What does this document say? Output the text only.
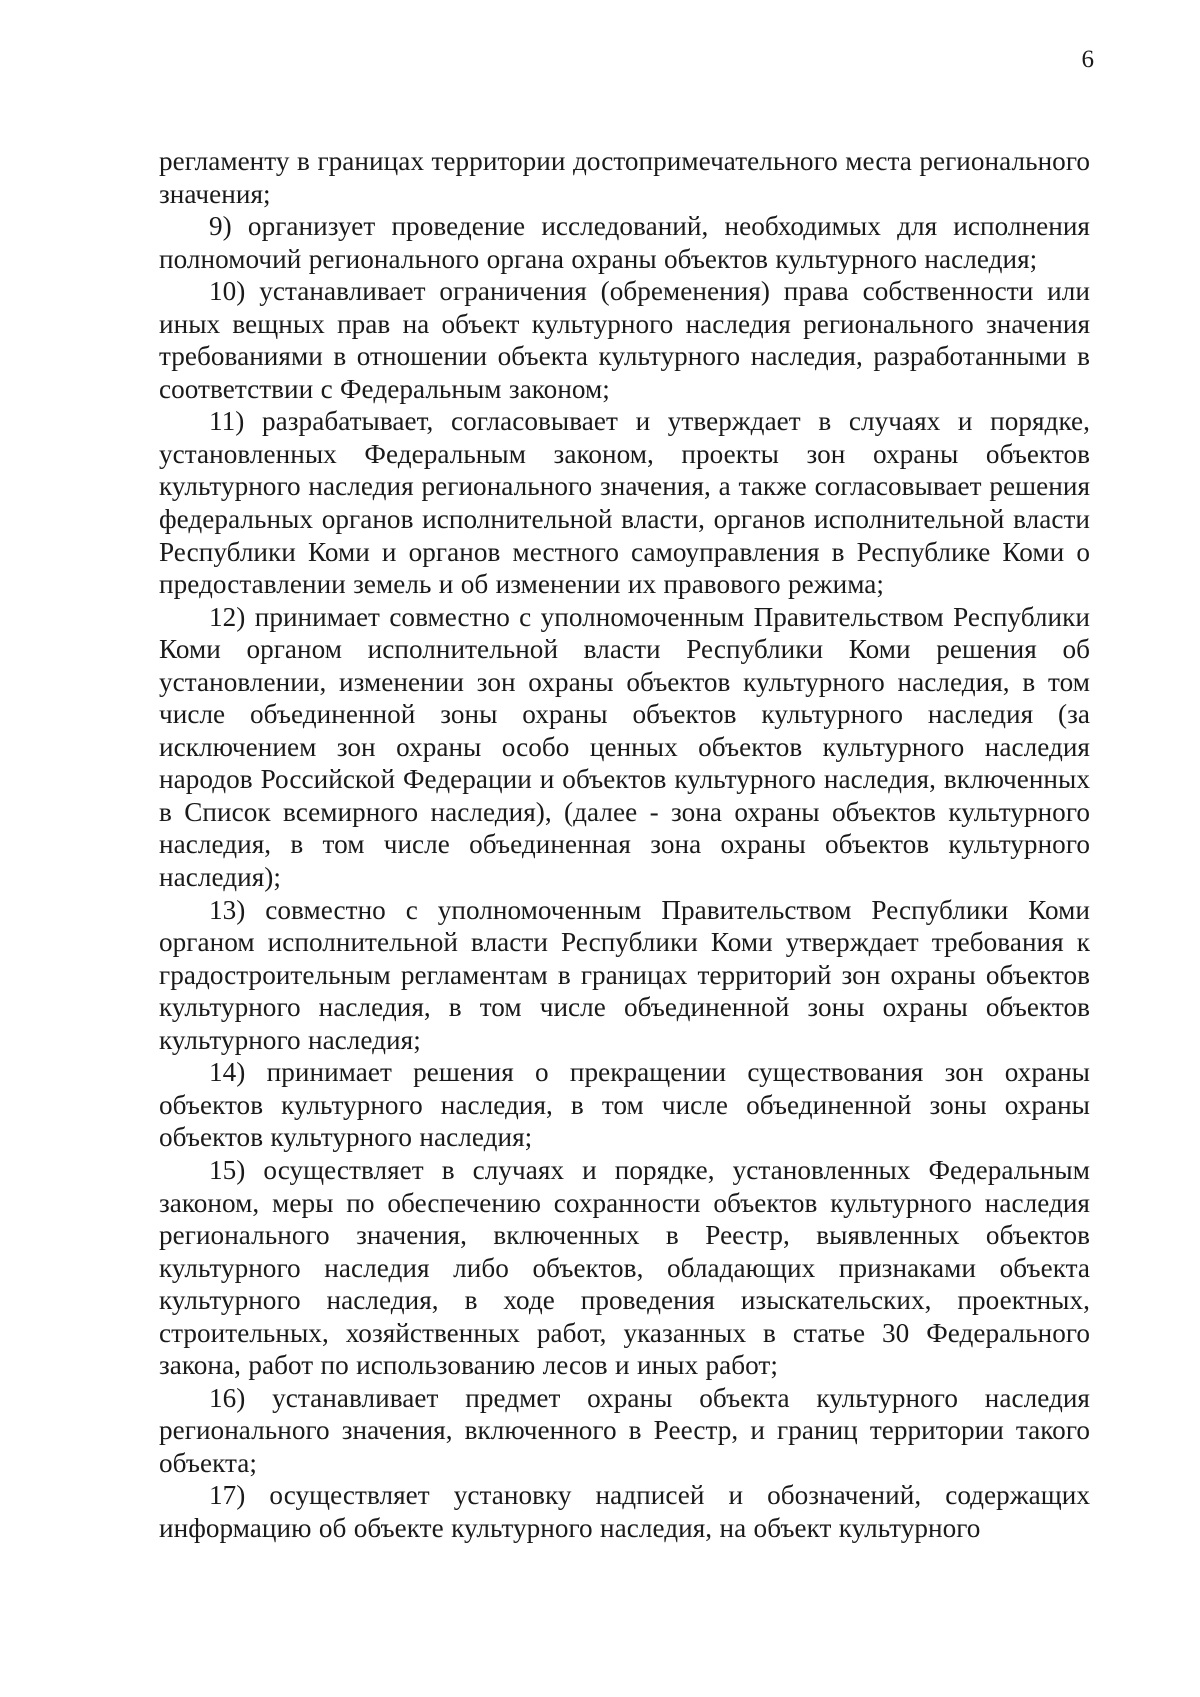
6

регламенту в границах территории достопримечательного места регионального значения;

9) организует проведение исследований, необходимых для исполнения полномочий регионального органа охраны объектов культурного наследия;

10) устанавливает ограничения (обременения) права собственности или иных вещных прав на объект культурного наследия регионального значения требованиями в отношении объекта культурного наследия, разработанными в соответствии с Федеральным законом;

11) разрабатывает, согласовывает и утверждает в случаях и порядке, установленных Федеральным законом, проекты зон охраны объектов культурного наследия регионального значения, а также согласовывает решения федеральных органов исполнительной власти, органов исполнительной власти Республики Коми и органов местного самоуправления в Республике Коми о предоставлении земель и об изменении их правового режима;

12) принимает совместно с уполномоченным Правительством Республики Коми органом исполнительной власти Республики Коми решения об установлении, изменении зон охраны объектов культурного наследия, в том числе объединенной зоны охраны объектов культурного наследия (за исключением зон охраны особо ценных объектов культурного наследия народов Российской Федерации и объектов культурного наследия, включенных в Список всемирного наследия), (далее - зона охраны объектов культурного наследия, в том числе объединенная зона охраны объектов культурного наследия);

13) совместно с уполномоченным Правительством Республики Коми органом исполнительной власти Республики Коми утверждает требования к градостроительным регламентам в границах территорий зон охраны объектов культурного наследия, в том числе объединенной зоны охраны объектов культурного наследия;

14) принимает решения о прекращении существования зон охраны объектов культурного наследия, в том числе объединенной зоны охраны объектов культурного наследия;

15) осуществляет в случаях и порядке, установленных Федеральным законом, меры по обеспечению сохранности объектов культурного наследия регионального значения, включенных в Реестр, выявленных объектов культурного наследия либо объектов, обладающих признаками объекта культурного наследия, в ходе проведения изыскательских, проектных, строительных, хозяйственных работ, указанных в статье 30 Федерального закона, работ по использованию лесов и иных работ;

16) устанавливает предмет охраны объекта культурного наследия регионального значения, включенного в Реестр, и границ территории такого объекта;

17) осуществляет установку надписей и обозначений, содержащих информацию об объекте культурного наследия, на объект культурного
